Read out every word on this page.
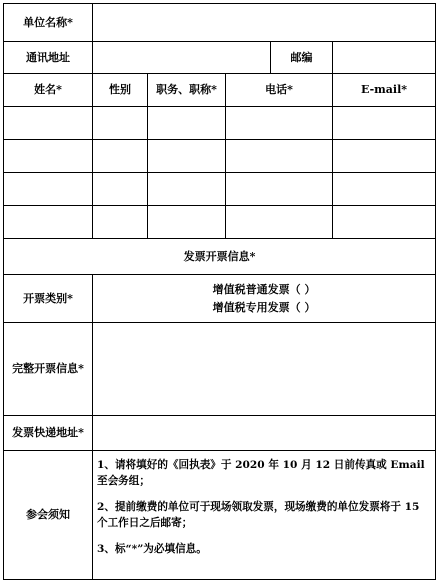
单位名称*					
通讯地址				邮编	
姓名*	性别	职务、职称*	电话*		E-mail*

发票开票信息*					
开票类别*	增值税普通发票（ ）
增值税专用发票（ ）				

完整开票信息*					
发票快递地址*					
参会须知	1、请将填好的《回执表》于 2020 年 10 月 12 日前传真或 Email 至会务组；
2、提前缴费的单位可于现场领取发票，现场缴费的单位发票将于 15 个工作日之后邮寄；
3、标“*”为必填信息。				
